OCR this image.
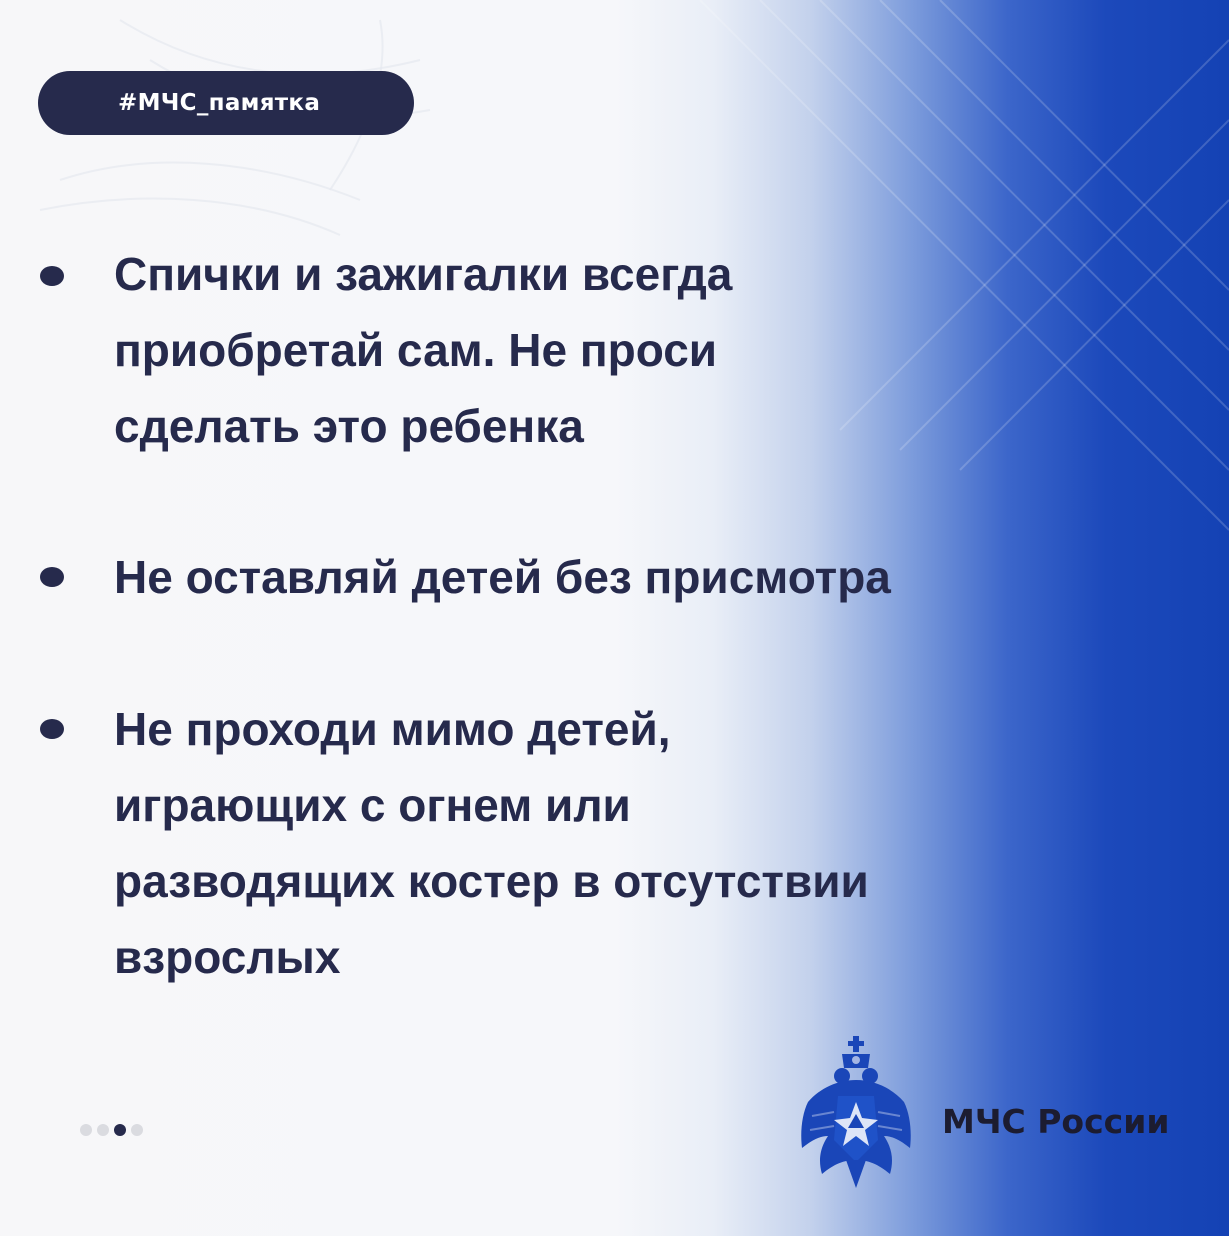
#МЧС_памятка
Спички и зажигалки всегда
приобретай сам. Не проси
сделать это ребенка
Не оставляй детей без присмотра
Не проходи мимо детей,
играющих с огнем или
разводящих костер в отсутствии
взрослых
МЧС России
